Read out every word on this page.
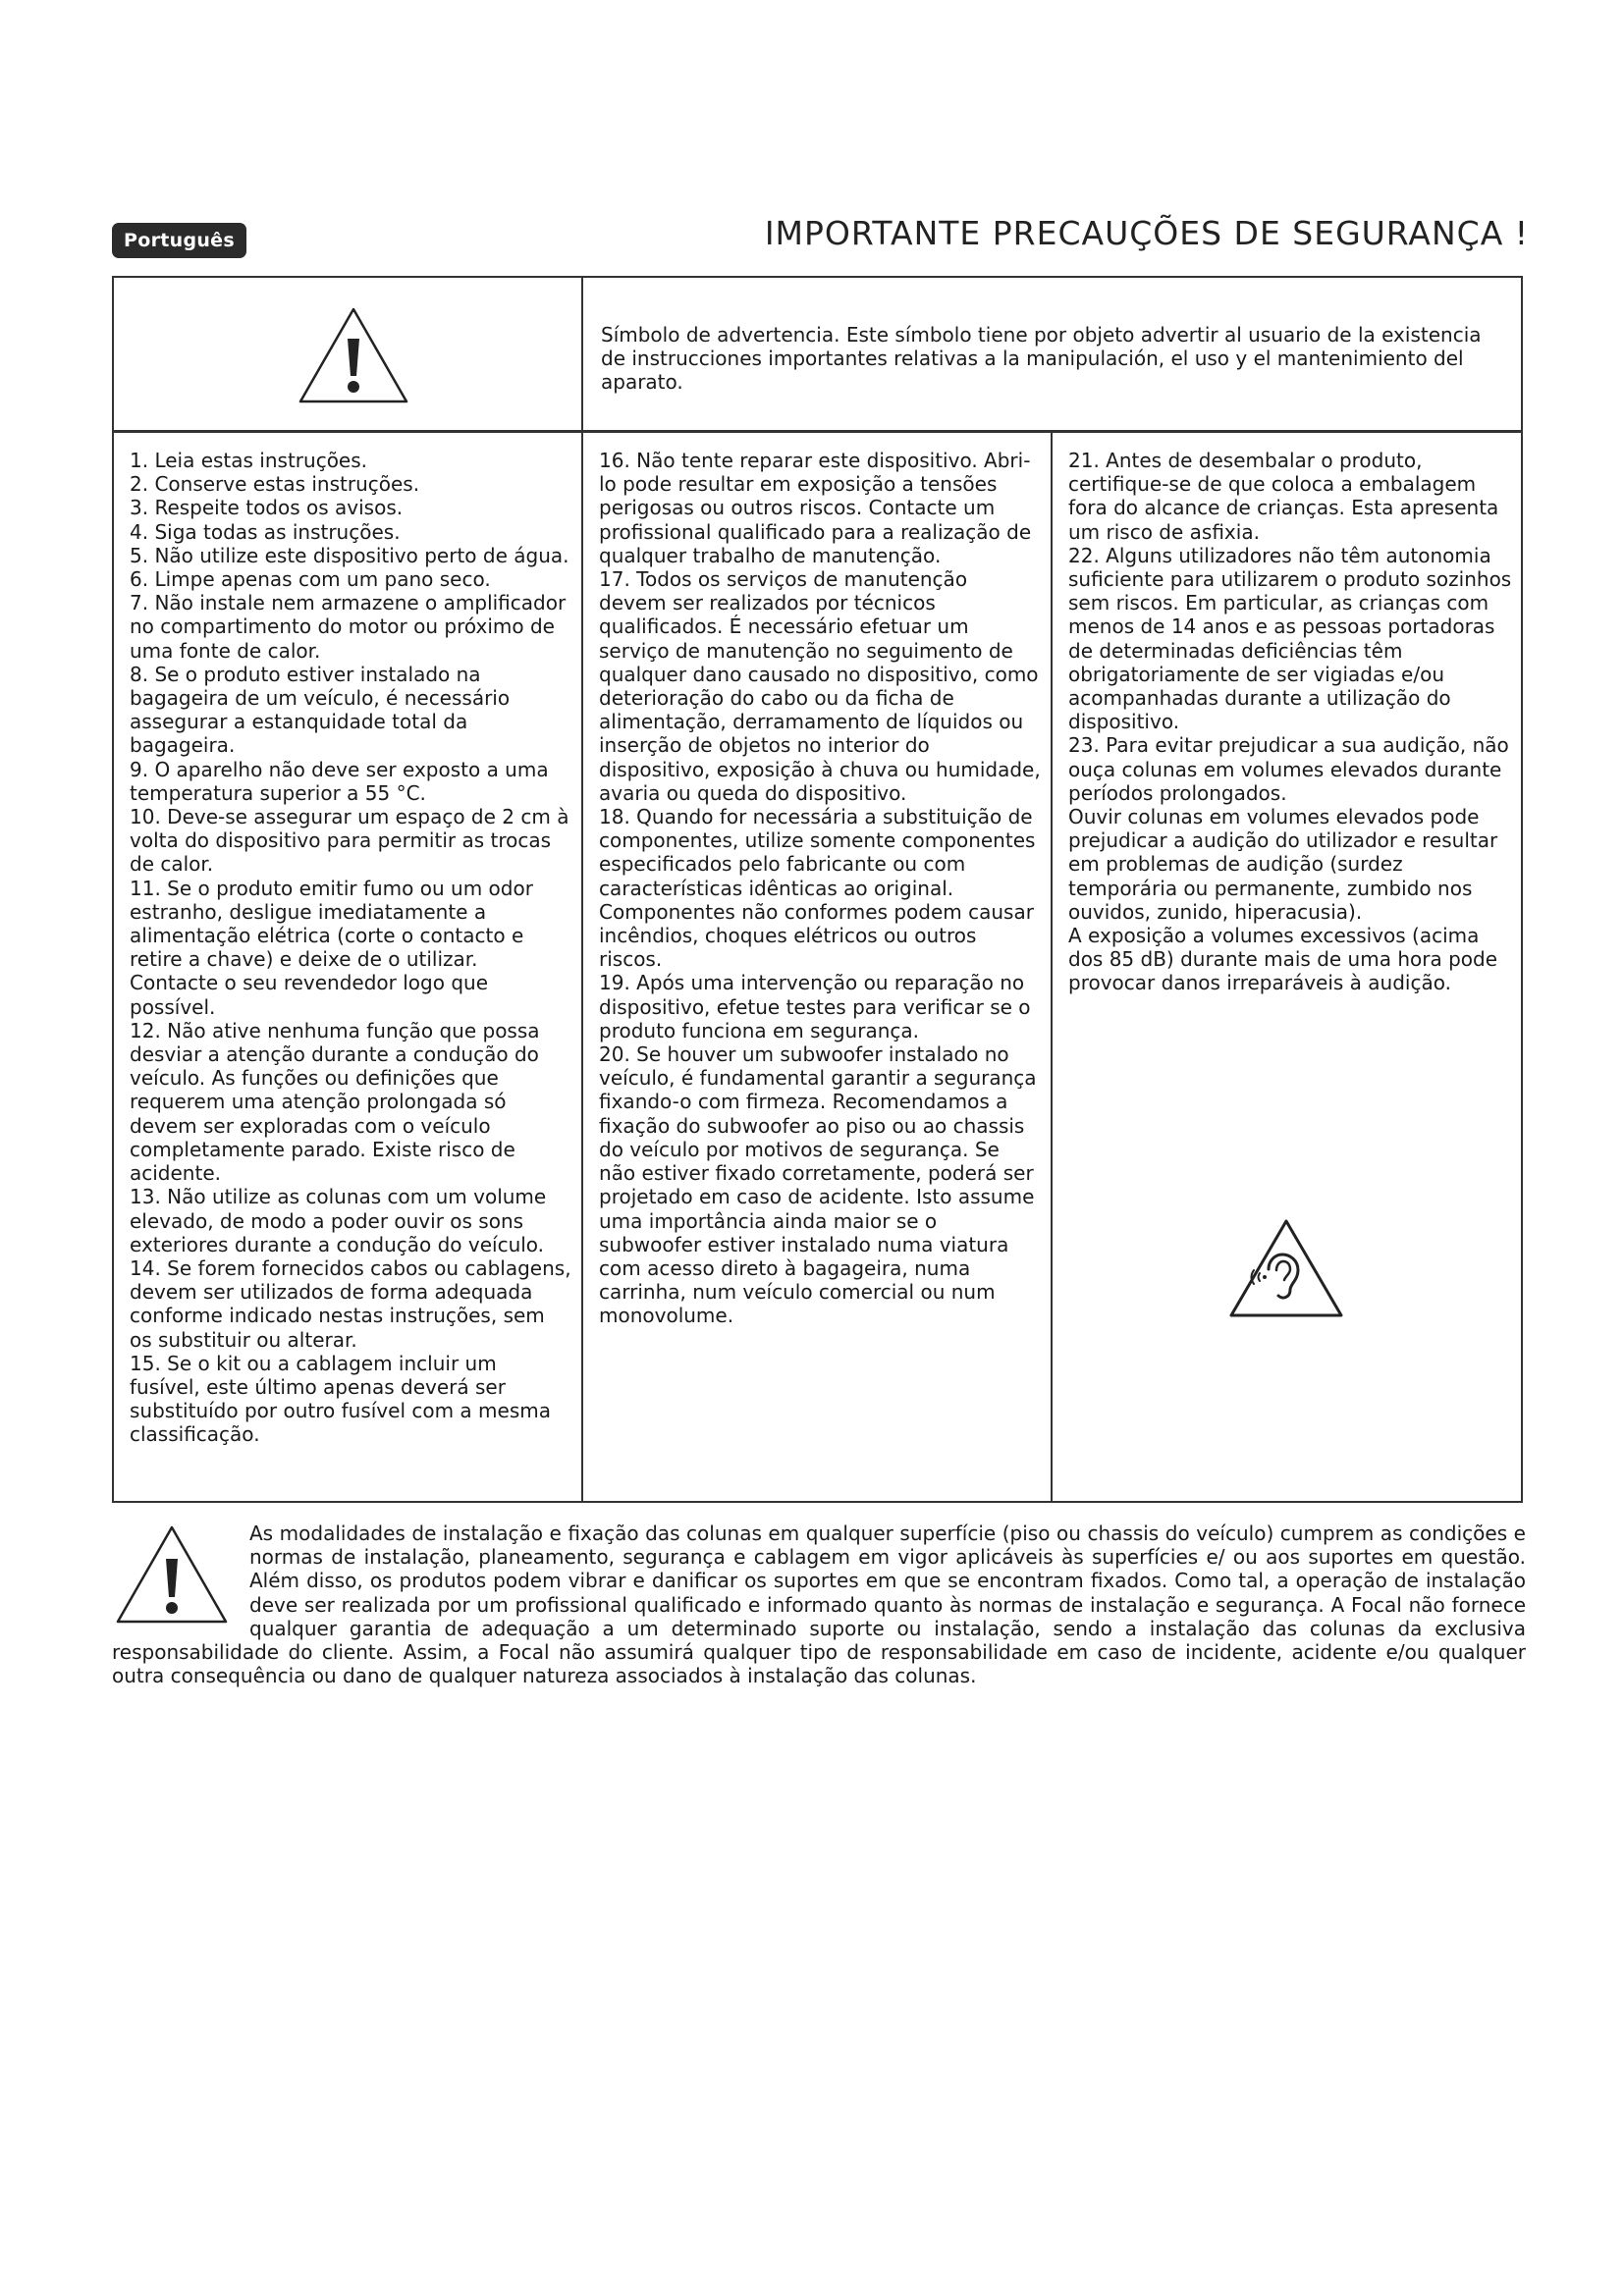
Português	IMPORTANTE PRECAUÇÕES DE SEGURANÇA !
Símbolo de advertencia. Este símbolo tiene por objeto advertir al usuario de la existencia de instrucciones importantes relativas a la manipulación, el uso y el mantenimiento del aparato.

1. Leia estas instruções.

2. Conserve estas instruções.

3. Respeite todos os avisos.

4. Siga todas as instruções.

5. Não utilize este dispositivo perto de água.

6. Limpe apenas com um pano seco.

7. Não instale nem armazene o amplificador no compartimento do motor ou próximo de uma fonte de calor.

8. Se o produto estiver instalado na bagageira de um veículo, é necessário assegurar a estanquidade total da bagageira.

9. O aparelho não deve ser exposto a uma temperatura superior a 55 °C.

10. Deve-se assegurar um espaço de 2 cm à volta do dispositivo para permitir as trocas de calor.

11. Se o produto emitir fumo ou um odor estranho, desligue imediatamente a alimentação elétrica (corte o contacto e retire a chave) e deixe de o utilizar. Contacte o seu revendedor logo que possível.

12. Não ative nenhuma função que possa desviar a atenção durante a condução do veículo. As funções ou definições que requerem uma atenção prolongada só devem ser exploradas com o veículo completamente parado. Existe risco de acidente.

13. Não utilize as colunas com um volume elevado, de modo a poder ouvir os sons exteriores durante a condução do veículo.

14. Se forem fornecidos cabos ou cablagens, devem ser utilizados de forma adequada conforme indicado nestas instruções, sem os substituir ou alterar.

15. Se o kit ou a cablagem incluir um fusível, este último apenas deverá ser substituído por outro fusível com a mesma classificação.

16. Não tente reparar este dispositivo. Abri-lo pode resultar em exposição a tensões perigosas ou outros riscos. Contacte um profissional qualificado para a realização de qualquer trabalho de manutenção.

17. Todos os serviços de manutenção devem ser realizados por técnicos qualificados. É necessário efetuar um serviço de manutenção no seguimento de qualquer dano causado no dispositivo, como deterioração do cabo ou da ficha de alimentação, derramamento de líquidos ou inserção de objetos no interior do dispositivo, exposição à chuva ou humidade, avaria ou queda do dispositivo.

18. Quando for necessária a substituição de componentes, utilize somente componentes especificados pelo fabricante ou com características idênticas ao original. Componentes não conformes podem causar incêndios, choques elétricos ou outros riscos.

19. Após uma intervenção ou reparação no dispositivo, efetue testes para verificar se o produto funciona em segurança.

20. Se houver um subwoofer instalado no veículo, é fundamental garantir a segurança fixando-o com firmeza. Recomendamos a fixação do subwoofer ao piso ou ao chassis do veículo por motivos de segurança. Se não estiver fixado corretamente, poderá ser projetado em caso de acidente. Isto assume uma importância ainda maior se o subwoofer estiver instalado numa viatura com acesso direto à bagageira, numa carrinha, num veículo comercial ou num monovolume.

21. Antes de desembalar o produto, certifique-se de que coloca a embalagem fora do alcance de crianças. Esta apresenta um risco de asfixia.

22. Alguns utilizadores não têm autonomia suficiente para utilizarem o produto sozinhos sem riscos. Em particular, as crianças com menos de 14 anos e as pessoas portadoras de determinadas deficiências têm obrigatoriamente de ser vigiadas e/ou acompanhadas durante a utilização do dispositivo.

23. Para evitar prejudicar a sua audição, não ouça colunas em volumes elevados durante períodos prolongados.

Ouvir colunas em volumes elevados pode prejudicar a audição do utilizador e resultar em problemas de audição (surdez temporária ou permanente, zumbido nos ouvidos, zunido, hiperacusia).

A exposição a volumes excessivos (acima dos 85 dB) durante mais de uma hora pode provocar danos irreparáveis à audição.

As modalidades de instalação e fixação das colunas em qualquer superfície (piso ou chassis do veículo) cumprem as condições e normas de instalação, planeamento, segurança e cablagem em vigor aplicáveis às superfícies e/ ou aos suportes em questão. Além disso, os produtos podem vibrar e danificar os suportes em que se encontram fixados. Como tal, a operação de instalação deve ser realizada por um profissional qualificado e informado quanto às normas de instalação e segurança. A Focal não fornece qualquer garantia de adequação a um determinado suporte ou instalação, sendo a instalação das colunas da exclusiva responsabilidade do cliente. Assim, a Focal não assumirá qualquer tipo de responsabilidade em caso de incidente, acidente e/ou qualquer outra consequência ou dano de qualquer natureza associados à instalação das colunas.
